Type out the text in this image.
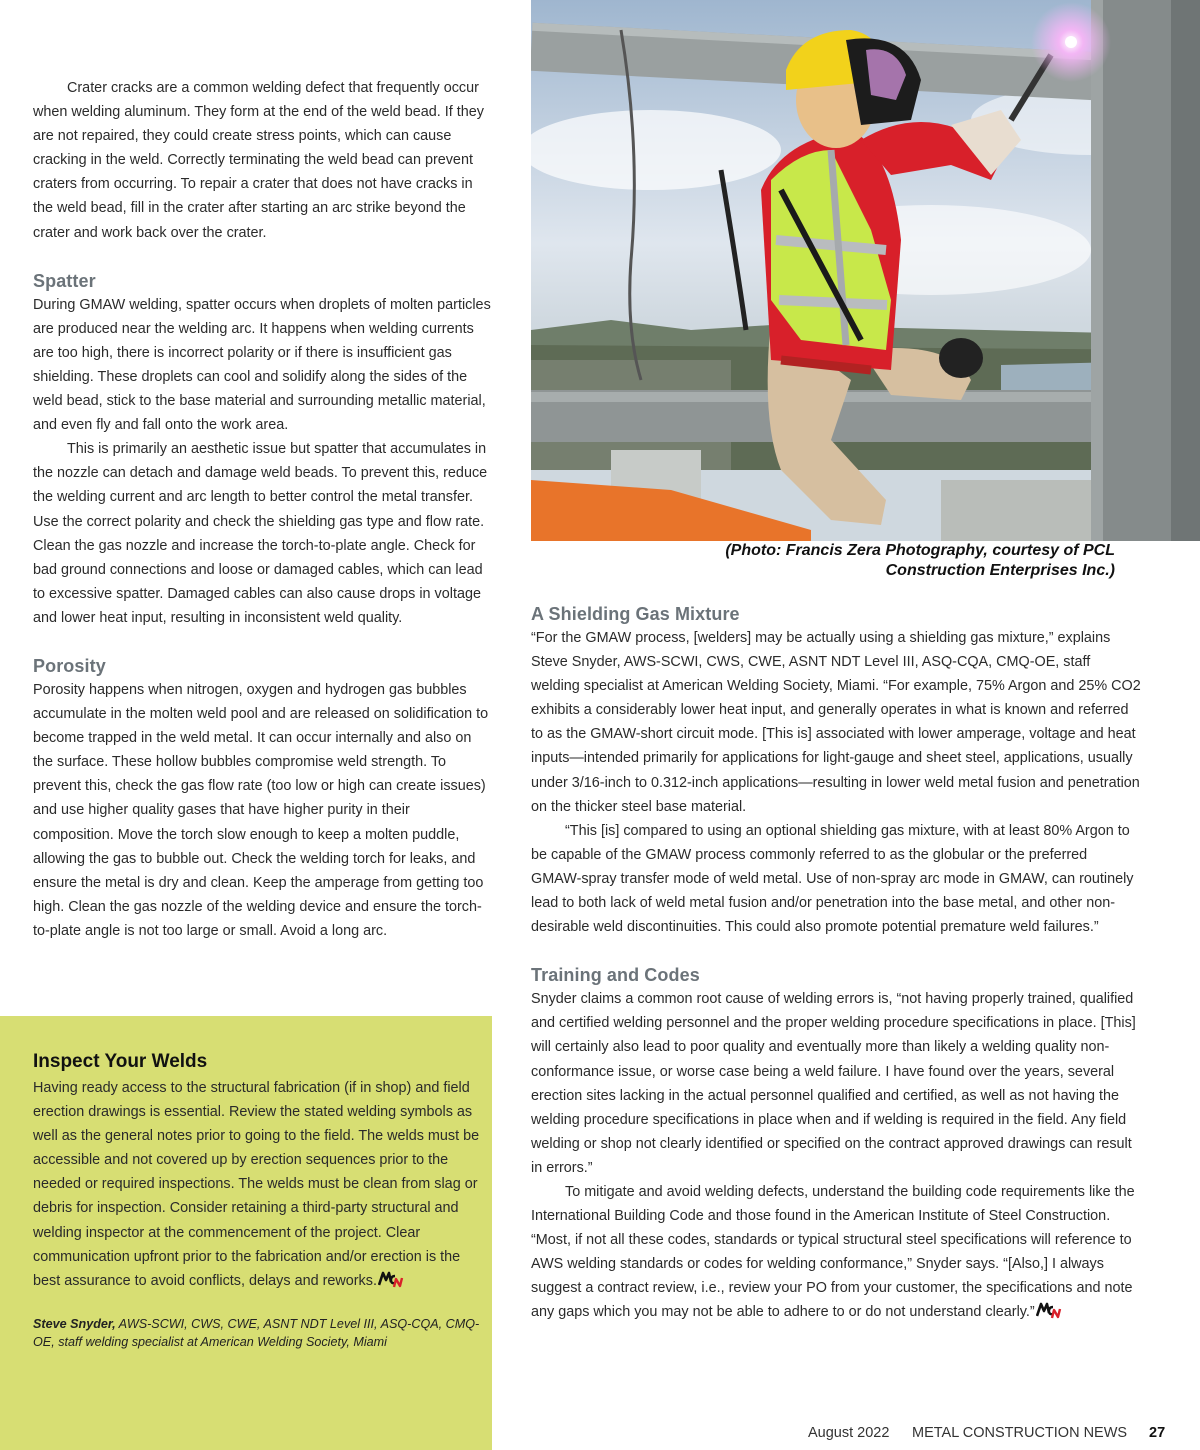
Crater cracks are a common welding defect that frequently occur when welding aluminum. They form at the end of the weld bead. If they are not repaired, they could create stress points, which can cause cracking in the weld. Correctly terminating the weld bead can prevent craters from occurring. To repair a crater that does not have cracks in the weld bead, fill in the crater after starting an arc strike beyond the crater and work back over the crater.

Spatter

During GMAW welding, spatter occurs when droplets of molten particles are produced near the welding arc. It happens when welding currents are too high, there is incorrect polarity or if there is insufficient gas shielding. These droplets can cool and solidify along the sides of the weld bead, stick to the base material and surrounding metallic material, and even fly and fall onto the work area.

This is primarily an aesthetic issue but spatter that accumulates in the nozzle can detach and damage weld beads. To prevent this, reduce the welding current and arc length to better control the metal transfer. Use the correct polarity and check the shielding gas type and flow rate. Clean the gas nozzle and increase the torch-to-plate angle. Check for bad ground connections and loose or damaged cables, which can lead to excessive spatter. Damaged cables can also cause drops in voltage and lower heat input, resulting in inconsistent weld quality.

Porosity

Porosity happens when nitrogen, oxygen and hydrogen gas bubbles accumulate in the molten weld pool and are released on solidification to become trapped in the weld metal. It can occur internally and also on the surface. These hollow bubbles compromise weld strength. To prevent this, check the gas flow rate (too low or high can create issues) and use higher quality gases that have higher purity in their composition. Move the torch slow enough to keep a molten puddle, allowing the gas to bubble out. Check the welding torch for leaks, and ensure the metal is dry and clean. Keep the amperage from getting too high. Clean the gas nozzle of the welding device and ensure the torch-to-plate angle is not too large or small. Avoid a long arc.

Inspect Your Welds

Having ready access to the structural fabrication (if in shop) and field erection drawings is essential. Review the stated welding symbols as well as the general notes prior to going to the field. The welds must be accessible and not covered up by erection sequences prior to the needed or required inspections. The welds must be clean from slag or debris for inspection. Consider retaining a third-party structural and welding inspector at the commencement of the project. Clear communication upfront prior to the fabrication and/or erection is the best assurance to avoid conflicts, delays and reworks.

Steve Snyder, AWS-SCWI, CWS, CWE, ASNT NDT Level III, ASQ-CQA, CMQ-OE, staff welding specialist at American Welding Society, Miami
(Photo: Francis Zera Photography, courtesy of PCL Construction Enterprises Inc.)
A Shielding Gas Mixture

“For the GMAW process, [welders] may be actually using a shielding gas mixture,” explains Steve Snyder, AWS-SCWI, CWS, CWE, ASNT NDT Level III, ASQ-CQA, CMQ-OE, staff welding specialist at American Welding Society, Miami. “For example, 75% Argon and 25% CO2 exhibits a considerably lower heat input, and generally operates in what is known and referred to as the GMAW-short circuit mode. [This is] associated with lower amperage, voltage and heat inputs—intended primarily for applications for light-gauge and sheet steel, applications, usually under 3/16-inch to 0.312-inch applications—resulting in lower weld metal fusion and penetration on the thicker steel base material.

“This [is] compared to using an optional shielding gas mixture, with at least 80% Argon to be capable of the GMAW process commonly referred to as the globular or the preferred GMAW-spray transfer mode of weld metal. Use of non-spray arc mode in GMAW, can routinely lead to both lack of weld metal fusion and/or penetration into the base metal, and other non-desirable weld discontinuities. This could also promote potential premature weld failures.”

Training and Codes

Snyder claims a common root cause of welding errors is, “not having properly trained, qualified and certified welding personnel and the proper welding procedure specifications in place. [This] will certainly also lead to poor quality and eventually more than likely a welding quality non-conformance issue, or worse case being a weld failure. I have found over the years, several erection sites lacking in the actual personnel qualified and certified, as well as not having the welding procedure specifications in place when and if welding is required in the field. Any field welding or shop not clearly identified or specified on the contract approved drawings can result in errors.”

To mitigate and avoid welding defects, understand the building code requirements like the International Building Code and those found in the American Institute of Steel Construction. “Most, if not all these codes, standards or typical structural steel specifications will reference to AWS welding standards or codes for welding conformance,” Snyder says. “[Also,] I always suggest a contract review, i.e., review your PO from your customer, the specifications and note any gaps which you may not be able to adhere to or do not understand clearly.”

August 2022 METAL CONSTRUCTION NEWS 27
